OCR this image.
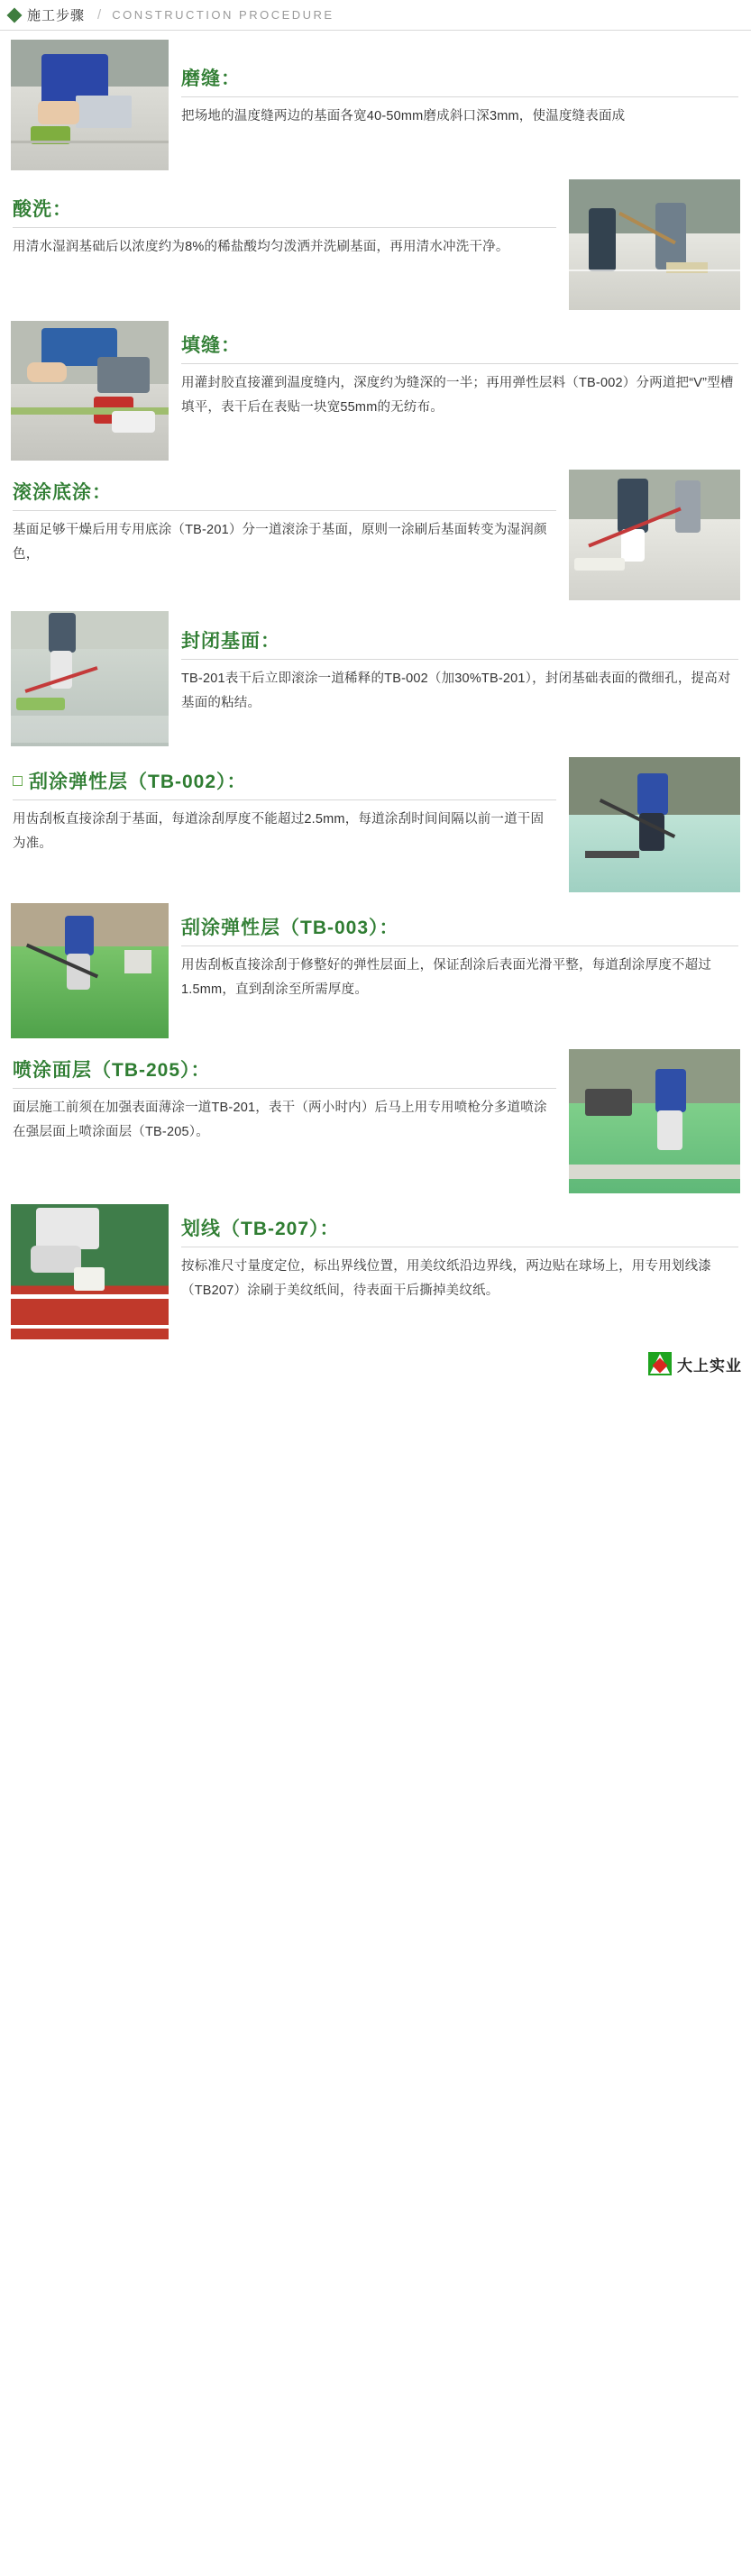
施工步骤 / CONSTRUCTION PROCEDURE
磨缝：
把场地的温度缝两边的基面各宽40-50mm磨成斜口深3mm，使温度缝表面成
酸洗：
用清水湿润基础后以浓度约为8%的稀盐酸均匀泼洒并洗刷基面，再用清水冲洗干净。
填缝：
用灌封胶直接灌到温度缝内，深度约为缝深的一半；再用弹性层料（TB-002）分两道把“V”型槽填平，表干后在表贴一块宽55mm的无纺布。
滚涂底涂：
基面足够干燥后用专用底涂（TB-201）分一道滚涂于基面，原则一涂刷后基面转变为湿润颜色，
封闭基面：
TB-201表干后立即滚涂一道稀释的TB-002（加30%TB-201），封闭基础表面的微细孔，提高对基面的粘结。
刮涂弹性层（TB-002）：
用齿刮板直接涂刮于基面，每道涂刮厚度不能超过2.5mm，每道涂刮时间间隔以前一道干固为准。
刮涂弹性层（TB-003）：
用齿刮板直接涂刮于修整好的弹性层面上，保证刮涂后表面光滑平整，每道刮涂厚度不超过1.5mm，直到刮涂至所需厚度。
喷涂面层（TB-205）：
面层施工前须在加强表面薄涂一道TB-201，表干（两小时内）后马上用专用喷枪分多道喷涂在强层面上喷涂面层（TB-205）。
划线（TB-207）：
按标准尺寸量度定位，标出界线位置，用美纹纸沿边界线，两边贴在球场上，用专用划线漆（TB207）涂刷于美纹纸间，待表面干后撕掉美纹纸。
大上实业
